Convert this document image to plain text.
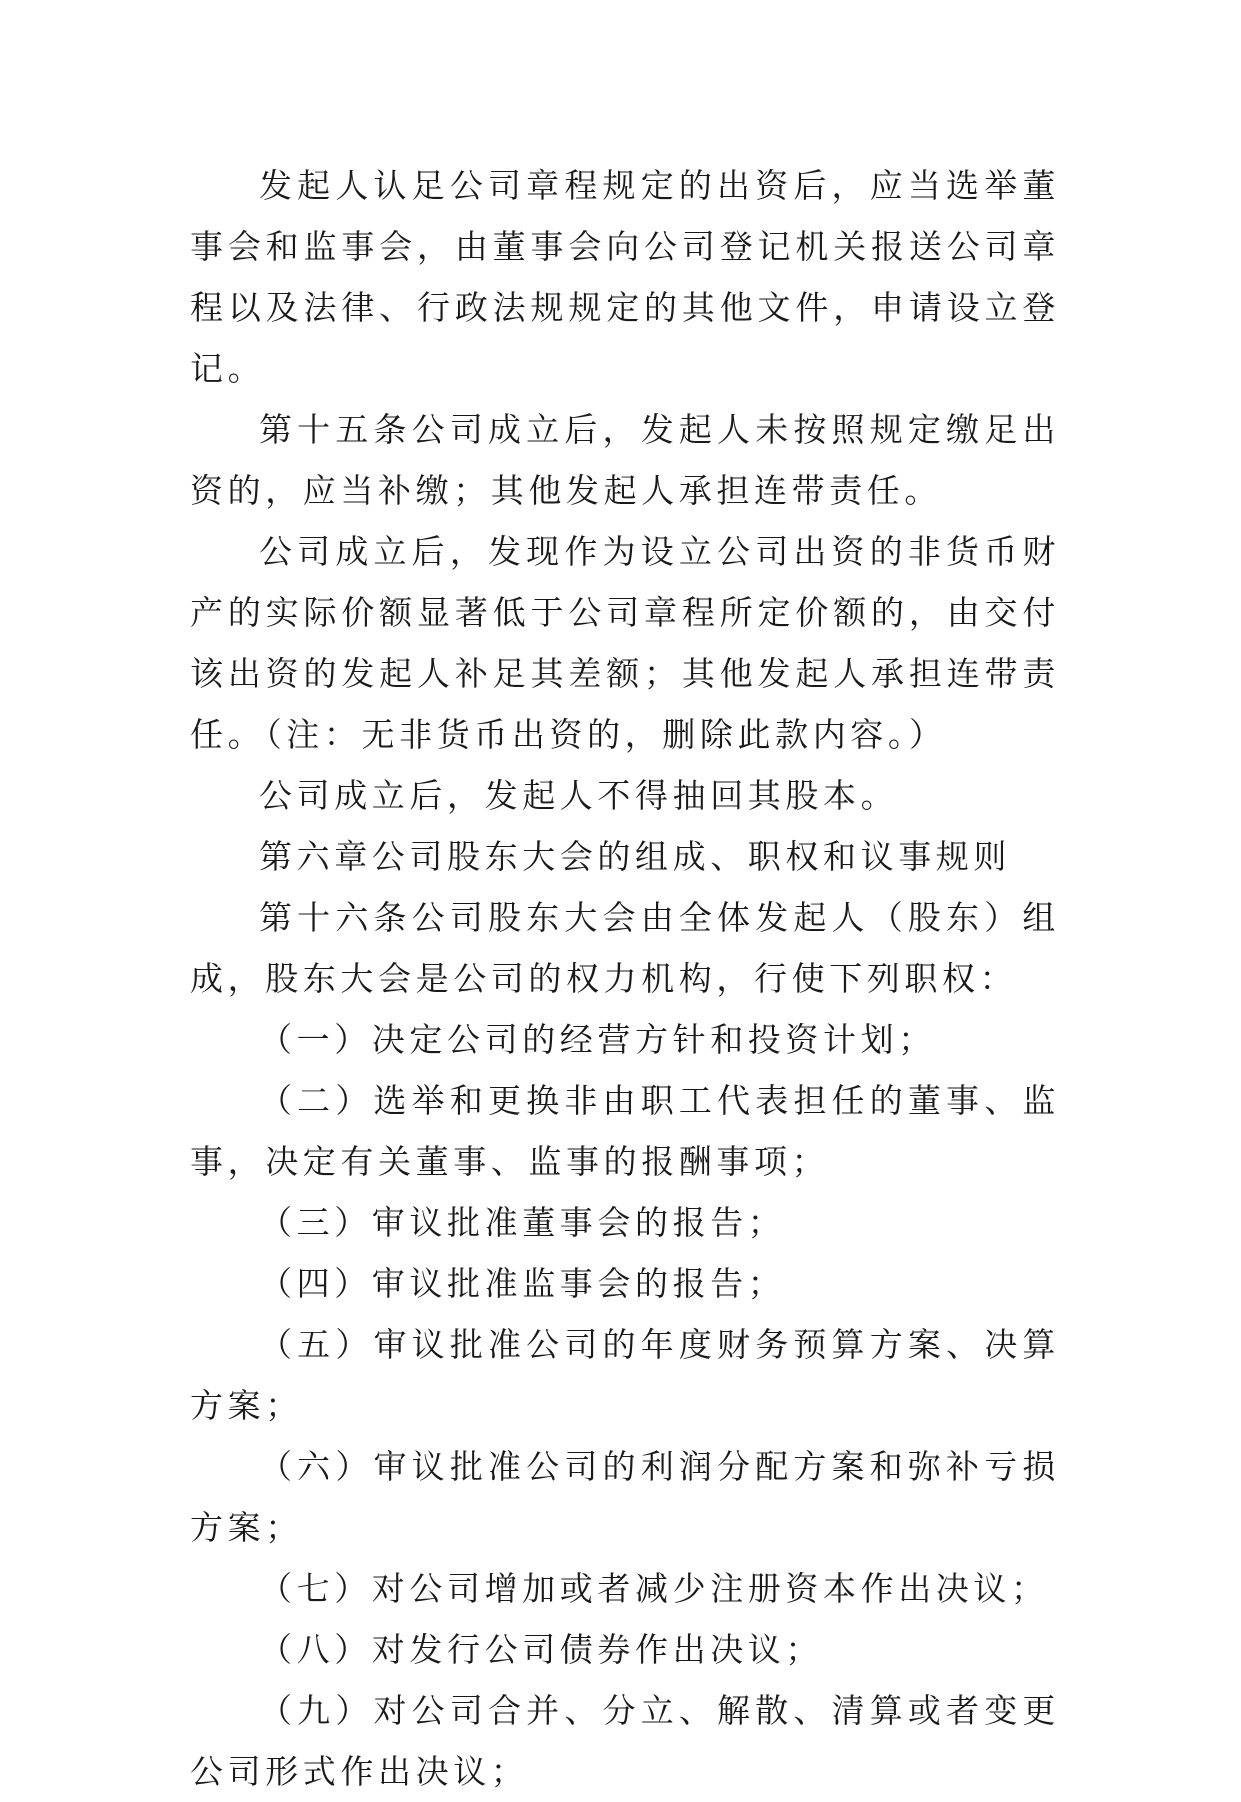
发起人认足公司章程规定的出资后，应当选举董事会和监事会，由董事会向公司登记机关报送公司章程以及法律、行政法规规定的其他文件，申请设立登记。

第十五条公司成立后，发起人未按照规定缴足出资的，应当补缴；其他发起人承担连带责任。

公司成立后，发现作为设立公司出资的非货币财产的实际价额显著低于公司章程所定价额的，由交付该出资的发起人补足其差额；其他发起人承担连带责任。（注：无非货币出资的，删除此款内容。）

公司成立后，发起人不得抽回其股本。

第六章公司股东大会的组成、职权和议事规则

第十六条公司股东大会由全体发起人（股东）组成，股东大会是公司的权力机构，行使下列职权：

（一）决定公司的经营方针和投资计划；

（二）选举和更换非由职工代表担任的董事、监事，决定有关董事、监事的报酬事项；

（三）审议批准董事会的报告；

（四）审议批准监事会的报告；

（五）审议批准公司的年度财务预算方案、决算方案；

（六）审议批准公司的利润分配方案和弥补亏损方案；

（七）对公司增加或者减少注册资本作出决议；

（八）对发行公司债券作出决议；

（九）对公司合并、分立、解散、清算或者变更公司形式作出决议；
